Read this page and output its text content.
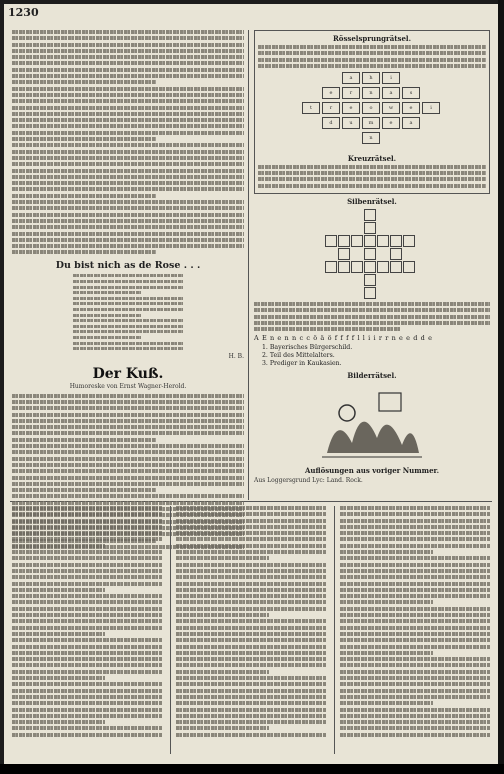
1230
Du bist nich as de Rose . . .
H. B.
Der Kuß.
Humoreske von Ernst Wagner-Herold.
Rösselsprungrätsel.
a	h	i
e	r	n	a	s
t	r	e	o	w	e	i
d	u	m	e	a
n
Kreuzrätsel.
Silbenrätsel.
A E n e n n c c ö ä ö f f f f l l i i r r n e e d d e
1. Bayerisches Bürgerschild.
2. Teil des Mittelalters.
3. Prediger in Kaukasien.
Bilderrätsel.
Auflösungen aus voriger Nummer.
Aus Loggersgrund Lyc: Land. Rock.
